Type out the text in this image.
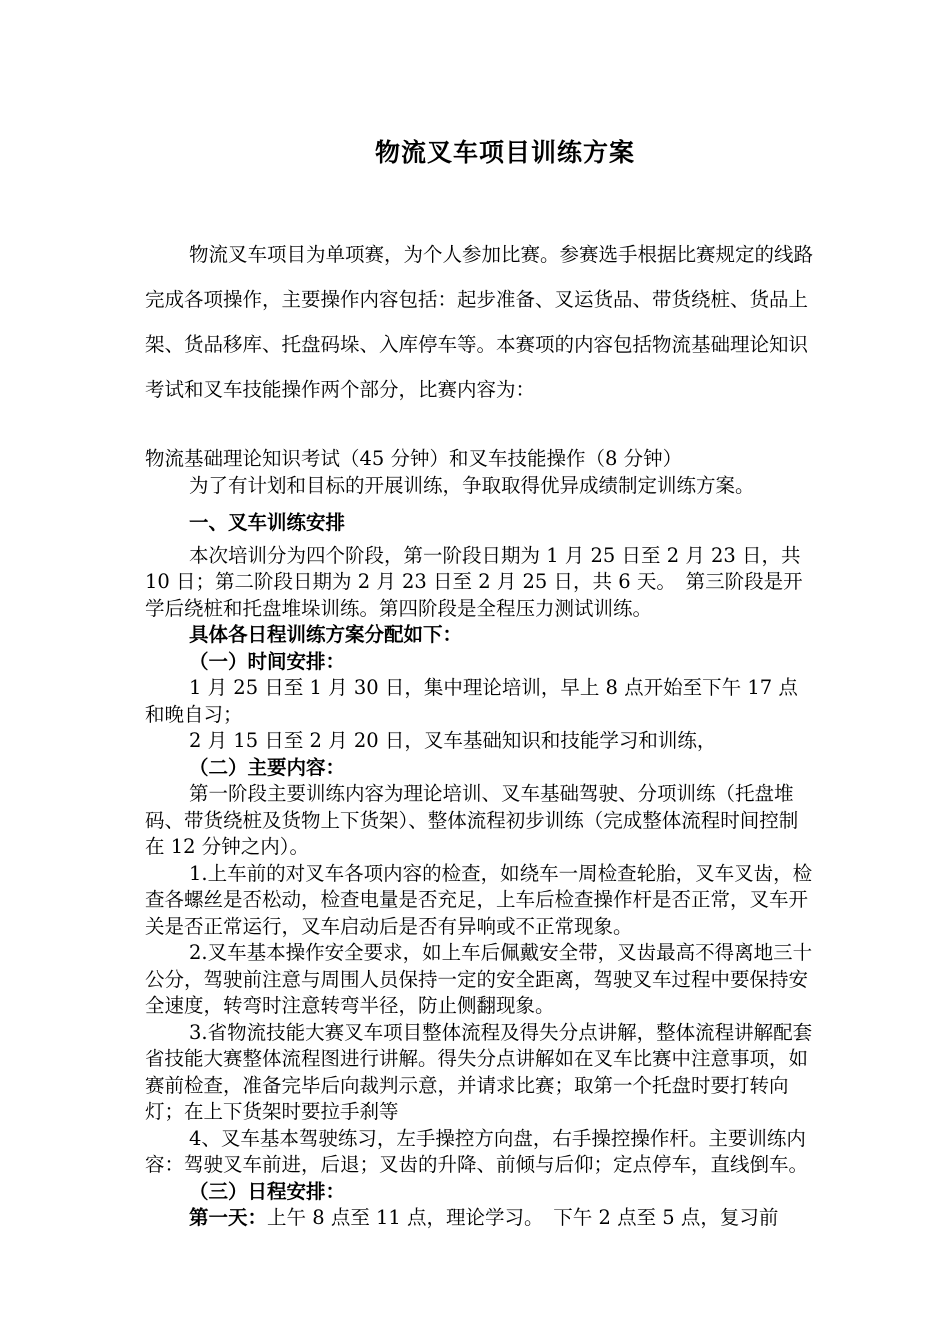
物流叉车项目训练方案

物流叉车项目为单项赛，为个人参加比赛。参赛选手根据比赛规定的线路完成各项操作，主要操作内容包括：起步准备、叉运货品、带货绕桩、货品上架、货品移库、托盘码垛、入库停车等。本赛项的内容包括物流基础理论知识考试和叉车技能操作两个部分，比赛内容为：

物流基础理论知识考试（45 分钟）和叉车技能操作（8 分钟）

为了有计划和目标的开展训练，争取取得优异成绩制定训练方案。

一、叉车训练安排

本次培训分为四个阶段，第一阶段日期为 1 月 25 日至 2 月 23 日，共 10 日；第二阶段日期为 2 月 23 日至 2 月 25 日，共 6 天。　第三阶段是开学后绕桩和托盘堆垛训练。第四阶段是全程压力测试训练。

具体各日程训练方案分配如下：

（一）时间安排：

1 月 25 日至 1 月 30 日，集中理论培训，早上 8 点开始至下午 17 点和晚自习；

2 月 15 日至 2 月 20 日，叉车基础知识和技能学习和训练，

（二）主要内容：

第一阶段主要训练内容为理论培训、叉车基础驾驶、分项训练（托盘堆码、带货绕桩及货物上下货架）、整体流程初步训练（完成整体流程时间控制在 12 分钟之内）。

1.上车前的对叉车各项内容的检查，如绕车一周检查轮胎，叉车叉齿，检查各螺丝是否松动，检查电量是否充足，上车后检查操作杆是否正常，叉车开关是否正常运行，叉车启动后是否有异响或不正常现象。

2.叉车基本操作安全要求，如上车后佩戴安全带，叉齿最高不得离地三十公分，驾驶前注意与周围人员保持一定的安全距离，驾驶叉车过程中要保持安全速度，转弯时注意转弯半径，防止侧翻现象。

3.省物流技能大赛叉车项目整体流程及得失分点讲解，整体流程讲解配套省技能大赛整体流程图进行讲解。得失分点讲解如在叉车比赛中注意事项，如赛前检查，准备完毕后向裁判示意，并请求比赛；取第一个托盘时要打转向灯；在上下货架时要拉手刹等

4、叉车基本驾驶练习，左手操控方向盘，右手操控操作杆。主要训练内容：驾驶叉车前进，后退；叉齿的升降、前倾与后仰；定点停车，直线倒车。

（三）日程安排：

第一天：上午 8 点至 11 点，理论学习。　下午 2 点至 5 点，复习前
